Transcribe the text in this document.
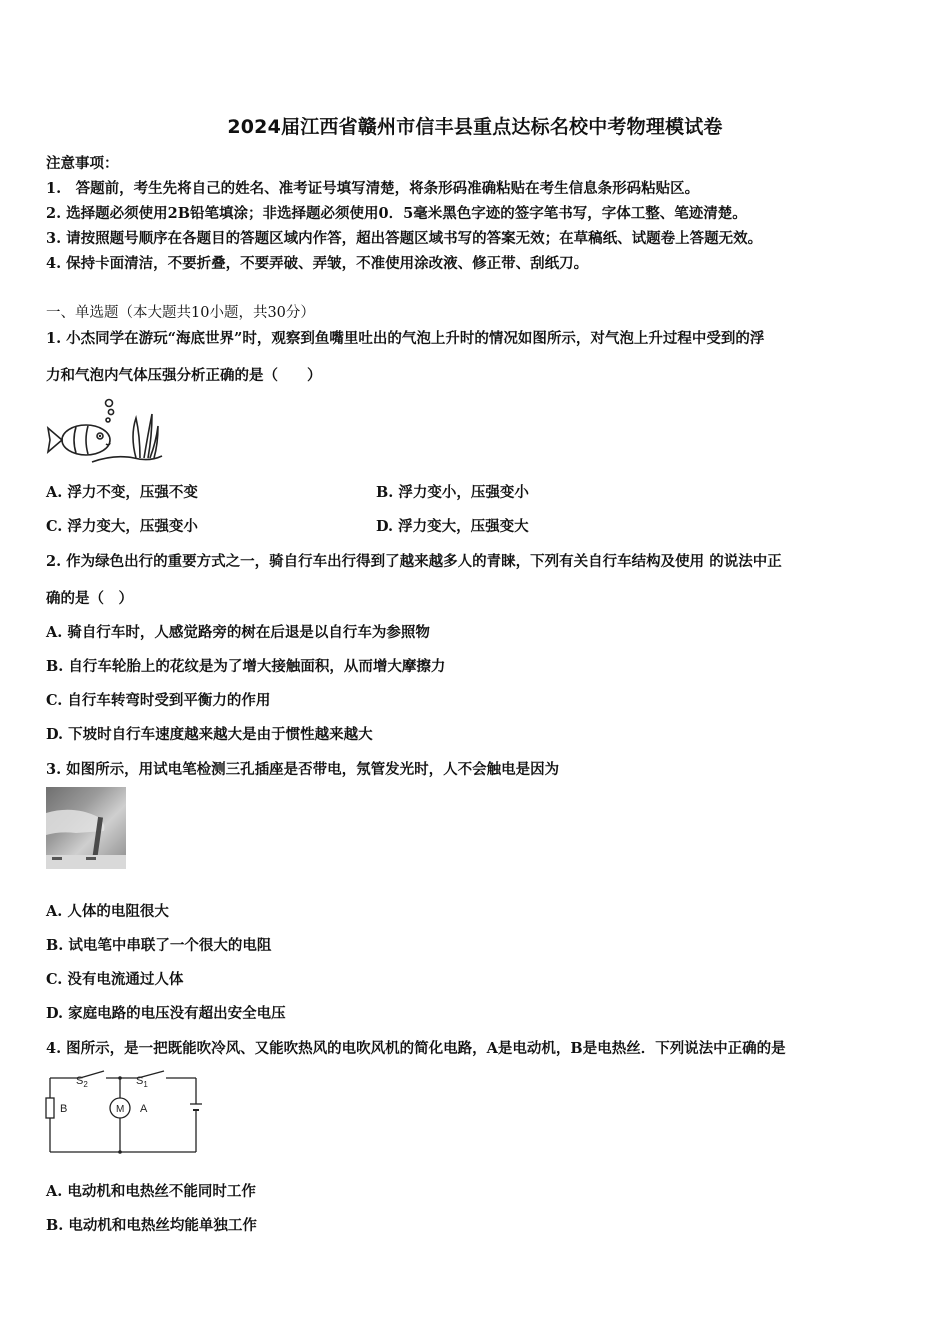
2024届江西省赣州市信丰县重点达标名校中考物理模试卷
注意事项：
1.　答题前，考生先将自己的姓名、准考证号填写清楚，将条形码准确粘贴在考生信息条形码粘贴区。
2. 选择题必须使用2B铅笔填涂；非选择题必须使用0．5毫米黑色字迹的签字笔书写，字体工整、笔迹清楚。
3. 请按照题号顺序在各题目的答题区域内作答，超出答题区域书写的答案无效；在草稿纸、试题卷上答题无效。
4. 保持卡面清洁，不要折叠，不要弄破、弄皱，不准使用涂改液、修正带、刮纸刀。
一、单选题（本大题共10小题，共30分）
1. 小杰同学在游玩“海底世界”时，观察到鱼嘴里吐出的气泡上升时的情况如图所示，对气泡上升过程中受到的浮
力和气泡内气体压强分析正确的是（　　）
A. 浮力不变，压强不变	B. 浮力变小，压强变小
C. 浮力变大，压强变小	D. 浮力变大，压强变大
2. 作为绿色出行的重要方式之一，骑自行车出行得到了越来越多人的青睐，下列有关自行车结构及使用 的说法中正
确的是（　）
A. 骑自行车时，人感觉路旁的树在后退是以自行车为参照物
B. 自行车轮胎上的花纹是为了增大接触面积，从而增大摩擦力
C. 自行车转弯时受到平衡力的作用
D. 下坡时自行车速度越来越大是由于惯性越来越大
3. 如图所示，用试电笔检测三孔插座是否带电，氖管发光时，人不会触电是因为
A. 人体的电阻很大
B. 试电笔中串联了一个很大的电阻
C. 没有电流通过人体
D. 家庭电路的电压没有超出安全电压
4. 图所示，是一把既能吹冷风、又能吹热风的电吹风机的简化电路，A是电动机，B是电热丝．下列说法中正确的是
$S_2$	$S_1$
B	M A
A. 电动机和电热丝不能同时工作
B. 电动机和电热丝均能单独工作
